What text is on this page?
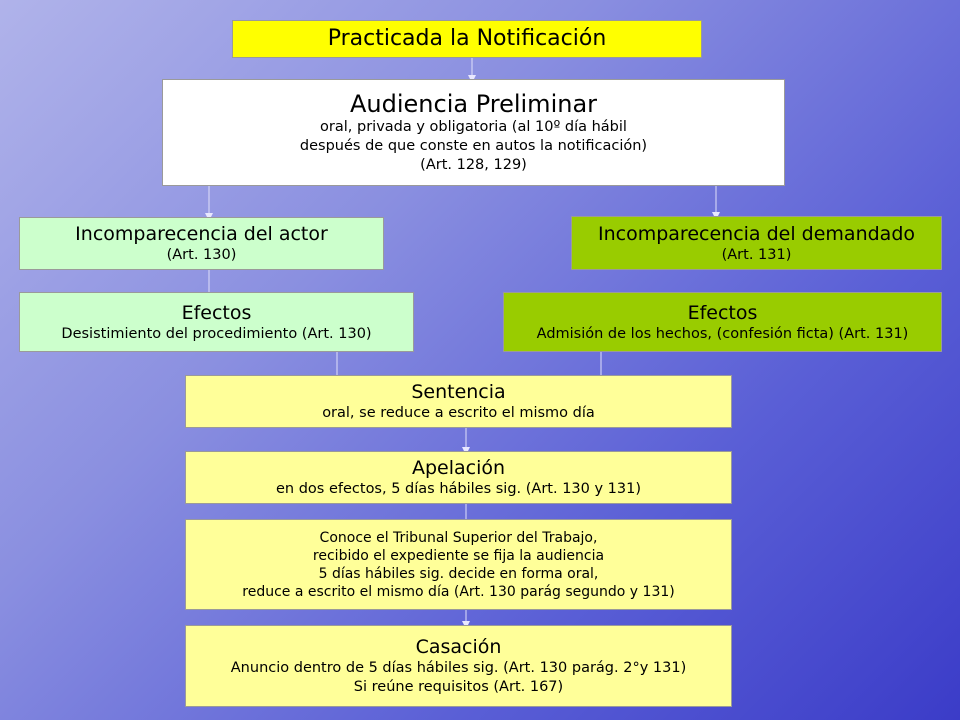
Practicada la Notificación
Audiencia Preliminar
oral, privada y obligatoria (al 10º día hábil
después de que conste en autos la notificación)
(Art. 128, 129)
Incomparecencia del actor
(Art. 130)
Incomparecencia del demandado
(Art. 131)
Efectos
Desistimiento del procedimiento (Art. 130)
Efectos
Admisión de los hechos, (confesión ficta) (Art. 131)
Sentencia
oral, se reduce a escrito el mismo día
Apelación
en dos efectos, 5 días hábiles sig. (Art. 130 y 131)
Conoce el Tribunal Superior del Trabajo,
recibido el expediente se fija la audiencia
5 días hábiles sig. decide en forma oral,
reduce a escrito el mismo día (Art. 130 parág segundo y 131)
Casación
Anuncio dentro de 5 días hábiles sig. (Art. 130 parág. 2°y 131)
Si reúne requisitos (Art. 167)
